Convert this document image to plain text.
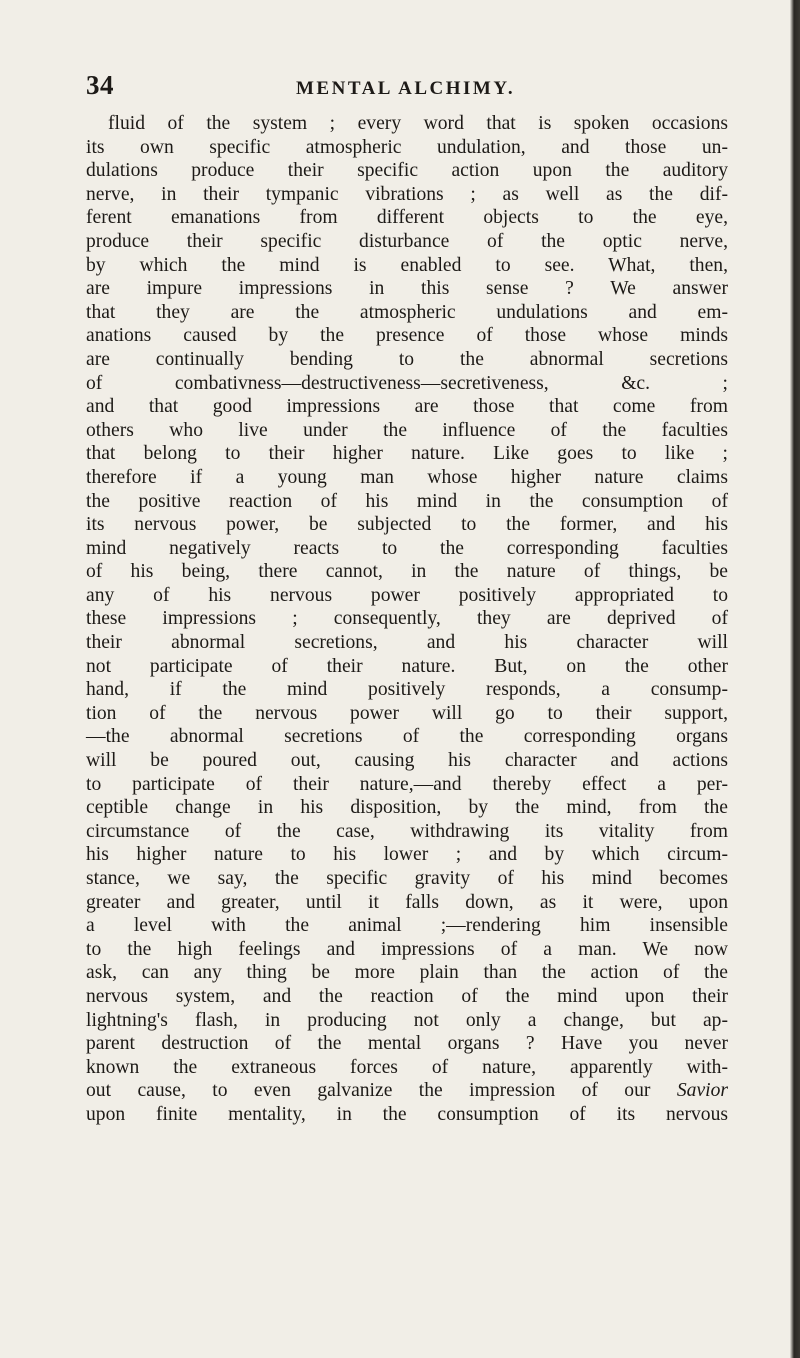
34	MENTAL ALCHIMY.
fluid of the system ; every word that is spoken occasions
its own specific atmospheric undulation, and those un-
dulations produce their specific action upon the auditory
nerve, in their tympanic vibrations ; as well as the dif-
ferent emanations from different objects to the eye,
produce their specific disturbance of the optic nerve,
by which the mind is enabled to see. What, then,
are impure impressions in this sense ? We answer
that they are the atmospheric undulations and em-
anations caused by the presence of those whose minds
are continually bending to the abnormal secretions
of combativness—destructiveness—secretiveness, &c. ;
and that good impressions are those that come from
others who live under the influence of the faculties
that belong to their higher nature. Like goes to like ;
therefore if a young man whose higher nature claims
the positive reaction of his mind in the consumption of
its nervous power, be subjected to the former, and his
mind negatively reacts to the corresponding faculties
of his being, there cannot, in the nature of things, be
any of his nervous power positively appropriated to
these impressions ; consequently, they are deprived of
their abnormal secretions, and his character will
not participate of their nature. But, on the other
hand, if the mind positively responds, a consump-
tion of the nervous power will go to their support,
—the abnormal secretions of the corresponding organs
will be poured out, causing his character and actions
to participate of their nature,—and thereby effect a per-
ceptible change in his disposition, by the mind, from the
circumstance of the case, withdrawing its vitality from
his higher nature to his lower ; and by which circum-
stance, we say, the specific gravity of his mind becomes
greater and greater, until it falls down, as it were, upon
a level with the animal ;—rendering him insensible
to the high feelings and impressions of a man. We now
ask, can any thing be more plain than the action of the
nervous system, and the reaction of the mind upon their
lightning's flash, in producing not only a change, but ap-
parent destruction of the mental organs ? Have you never
known the extraneous forces of nature, apparently with-
out cause, to even galvanize the impression of our Savior
upon finite mentality, in the consumption of its nervous
